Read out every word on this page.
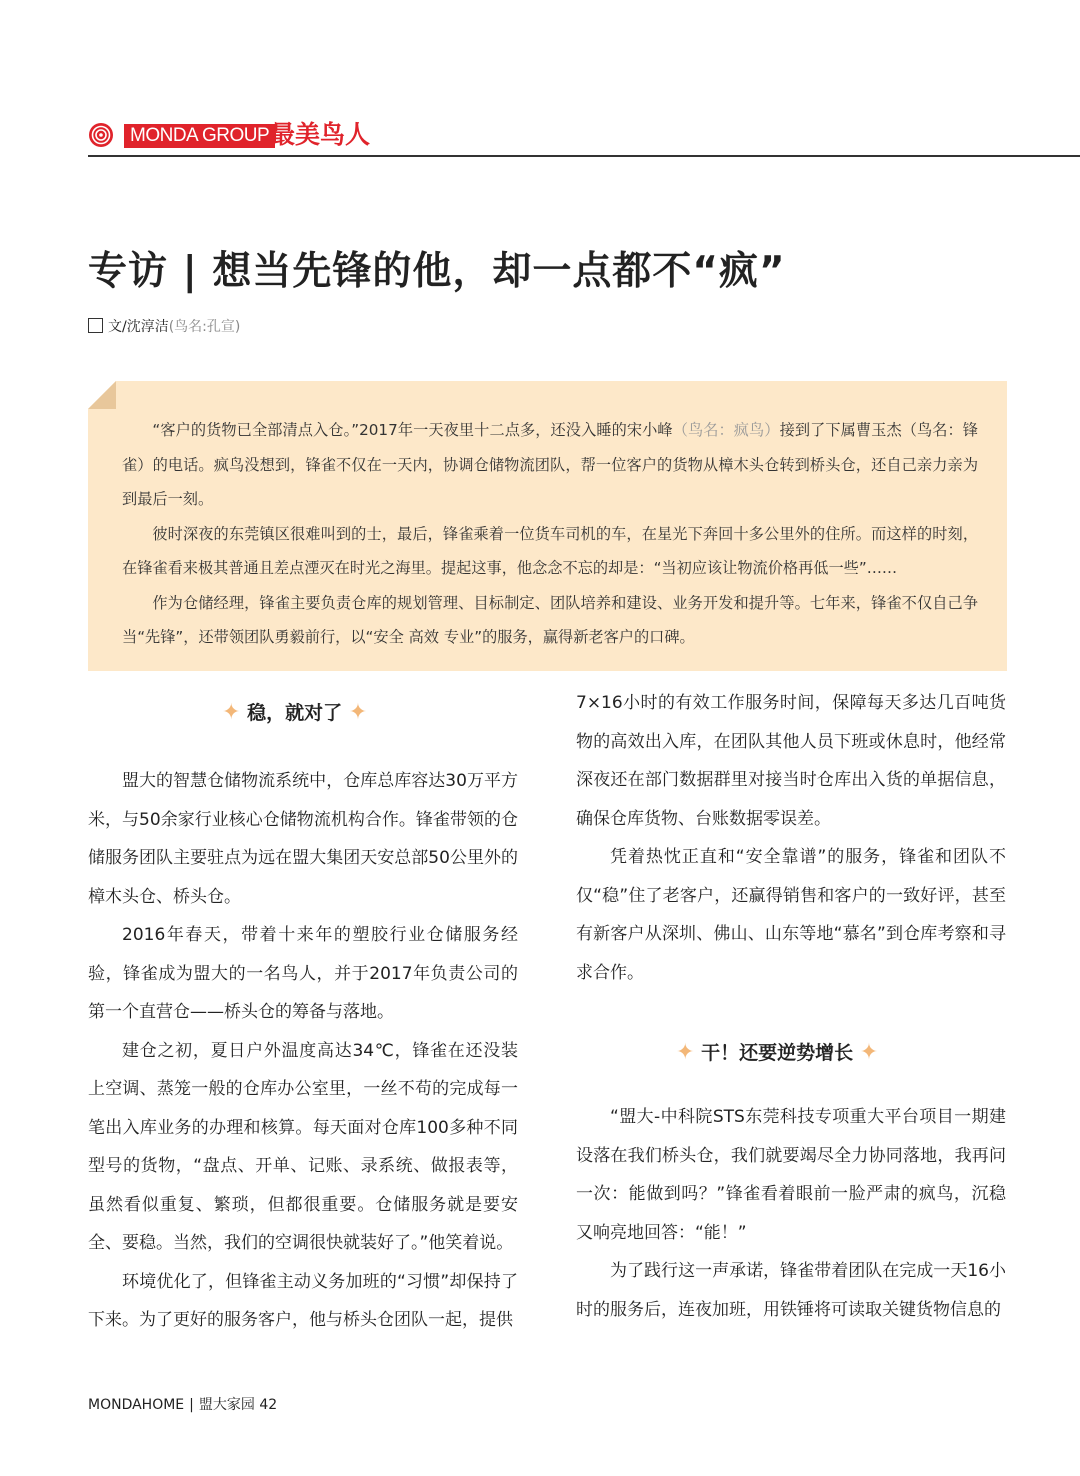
MONDA GROUP 最美鸟人
专访 | 想当先锋的他，却一点都不“疯”
文/沈淳洁(鸟名:孔宣)

“客户的货物已全部清点入仓。”2017年一天夜里十二点多，还没入睡的宋小峰（鸟名：疯鸟）接到了下属曹玉杰（鸟名：锋雀）的电话。疯鸟没想到，锋雀不仅在一天内，协调仓储物流团队，帮一位客户的货物从樟木头仓转到桥头仓，还自己亲力亲为到最后一刻。

彼时深夜的东莞镇区很难叫到的士，最后，锋雀乘着一位货车司机的车，在星光下奔回十多公里外的住所。而这样的时刻，在锋雀看来极其普通且差点湮灭在时光之海里。提起这事，他念念不忘的却是：“当初应该让物流价格再低一些”……

作为仓储经理，锋雀主要负责仓库的规划管理、目标制定、团队培养和建设、业务开发和提升等。七年来，锋雀不仅自己争当“先锋”，还带领团队勇毅前行，以“安全 高效 专业”的服务，赢得新老客户的口碑。

✦ 稳，就对了 ✦

盟大的智慧仓储物流系统中，仓库总库容达30万平方米，与50余家行业核心仓储物流机构合作。锋雀带领的仓储服务团队主要驻点为远在盟大集团天安总部50公里外的樟木头仓、桥头仓。

2016年春天，带着十来年的塑胶行业仓储服务经验，锋雀成为盟大的一名鸟人，并于2017年负责公司的第一个直营仓——桥头仓的筹备与落地。

建仓之初，夏日户外温度高达34℃，锋雀在还没装上空调、蒸笼一般的仓库办公室里，一丝不苟的完成每一笔出入库业务的办理和核算。每天面对仓库100多种不同型号的货物，“盘点、开单、记账、录系统、做报表等，虽然看似重复、繁琐，但都很重要。仓储服务就是要安全、要稳。当然，我们的空调很快就装好了。”他笑着说。

环境优化了，但锋雀主动义务加班的“习惯”却保持了下来。为了更好的服务客户，他与桥头仓团队一起，提供

7×16小时的有效工作服务时间，保障每天多达几百吨货物的高效出入库，在团队其他人员下班或休息时，他经常深夜还在部门数据群里对接当时仓库出入货的单据信息，确保仓库货物、台账数据零误差。

凭着热忱正直和“安全靠谱”的服务，锋雀和团队不仅“稳”住了老客户，还赢得销售和客户的一致好评，甚至有新客户从深圳、佛山、山东等地“慕名”到仓库考察和寻求合作。

✦ 干！还要逆势增长 ✦

“盟大-中科院STS东莞科技专项重大平台项目一期建设落在我们桥头仓，我们就要竭尽全力协同落地，我再问一次：能做到吗？”锋雀看着眼前一脸严肃的疯鸟，沉稳又响亮地回答：“能！”

为了践行这一声承诺，锋雀带着团队在完成一天16小时的服务后，连夜加班，用铁锤将可读取关键货物信息的

MONDAHOME | 盟大家园 42
